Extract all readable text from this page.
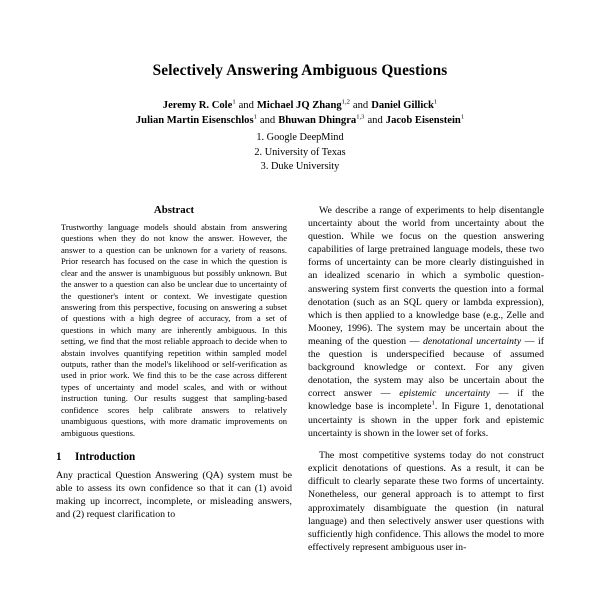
Selectively Answering Ambiguous Questions
Jeremy R. Cole$^1$ and Michael JQ Zhang$^{1,2}$ and Daniel Gillick$^1$
Julian Martin Eisenschlos$^1$ and Bhuwan Dhingra$^{1,3}$ and Jacob Eisenstein$^1$
1. Google DeepMind
2. University of Texas
3. Duke University
Abstract
Trustworthy language models should abstain from answering questions when they do not know the answer. However, the answer to a question can be unknown for a variety of reasons. Prior research has focused on the case in which the question is clear and the answer is unambiguous but possibly unknown. But the answer to a question can also be unclear due to uncertainty of the questioner's intent or context. We investigate question answering from this perspective, focusing on answering a subset of questions with a high degree of accuracy, from a set of questions in which many are inherently ambiguous. In this setting, we find that the most reliable approach to decide when to abstain involves quantifying repetition within sampled model outputs, rather than the model's likelihood or self-verification as used in prior work. We find this to be the case across different types of uncertainty and model scales, and with or without instruction tuning. Our results suggest that sampling-based confidence scores help calibrate answers to relatively unambiguous questions, with more dramatic improvements on ambiguous questions.
1	Introduction

Any practical Question Answering (QA) system must be able to assess its own confidence so that it can (1) avoid making up incorrect, incomplete, or misleading answers, and (2) request clarification to

We describe a range of experiments to help disentangle uncertainty about the world from uncertainty about the question. While we focus on the question answering capabilities of large pretrained language models, these two forms of uncertainty can be more clearly distinguished in an idealized scenario in which a symbolic question-answering system first converts the question into a formal denotation (such as an SQL query or lambda expression), which is then applied to a knowledge base (e.g., Zelle and Mooney, 1996). The system may be uncertain about the meaning of the question — denotational uncertainty — if the question is underspecified because of assumed background knowledge or context. For any given denotation, the system may also be uncertain about the correct answer — epistemic uncertainty — if the knowledge base is incomplete$^1$. In Figure 1, denotational uncertainty is shown in the upper fork and epistemic uncertainty is shown in the lower set of forks.

The most competitive systems today do not construct explicit denotations of questions. As a result, it can be difficult to clearly separate these two forms of uncertainty. Nonetheless, our general approach is to attempt to first approximately disambiguate the question (in natural language) and then selectively answer user questions with sufficiently high confidence. This allows the model to more effectively represent ambiguous user in-
